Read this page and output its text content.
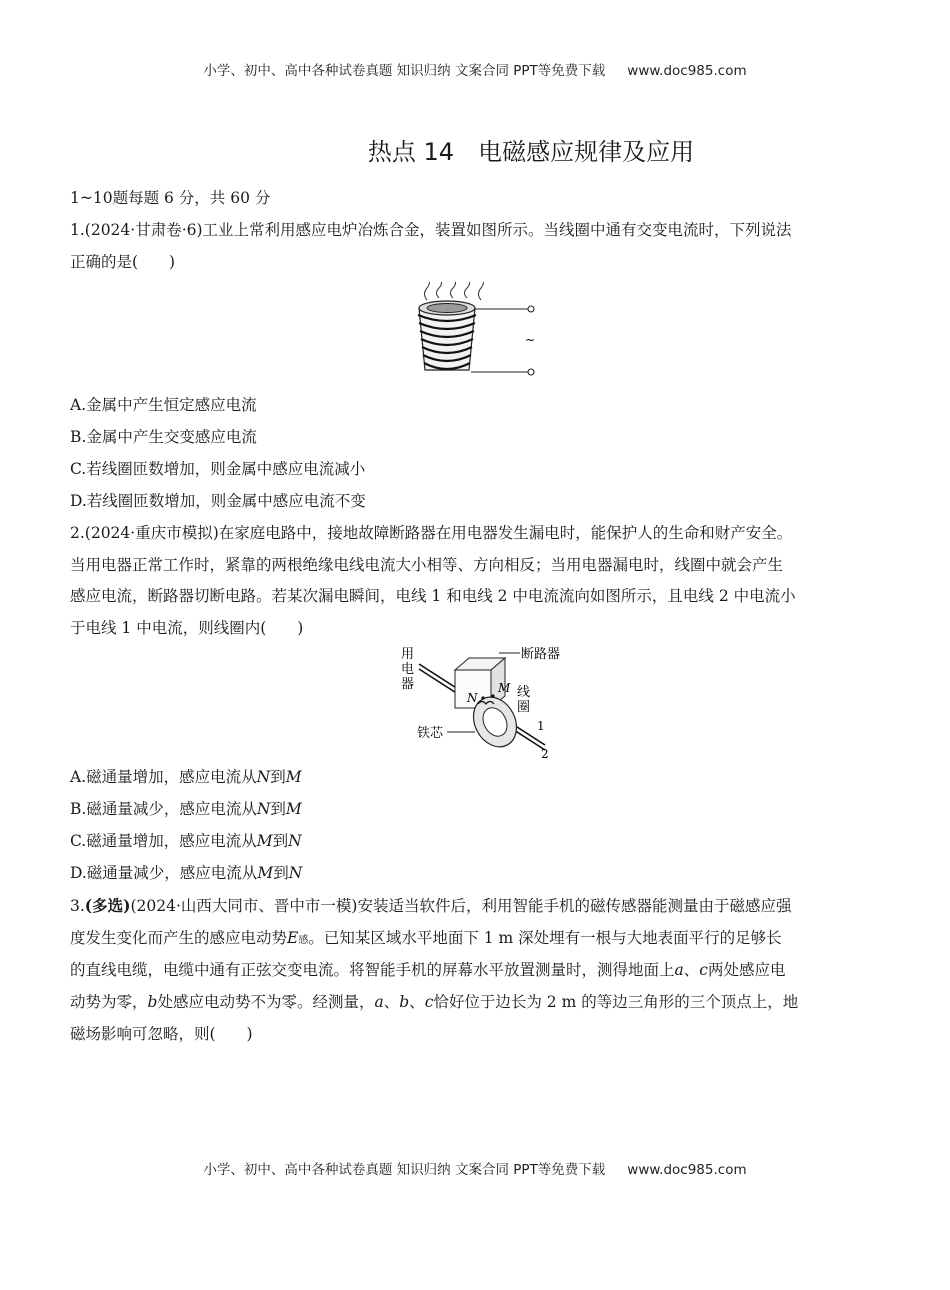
小学、初中、高中各种试卷真题 知识归纳 文案合同 PPT等免费下载 www.doc985.com
热点 14　电磁感应规律及应用
1~10题每题 6 分，共 60 分
1.(2024·甘肃卷·6)工业上常利用感应电炉冶炼合金，装置如图所示。当线圈中通有交变电流时，下列说法
正确的是(　　)
~
A.金属中产生恒定感应电流
B.金属中产生交变感应电流
C.若线圈匝数增加，则金属中感应电流减小
D.若线圈匝数增加，则金属中感应电流不变
2.(2024·重庆市模拟)在家庭电路中，接地故障断路器在用电器发生漏电时，能保护人的生命和财产安全。
当用电器正常工作时，紧靠的两根绝缘电线电流大小相等、方向相反；当用电器漏电时，线圈中就会产生
感应电流，断路器切断电路。若某次漏电瞬间，电线 1 和电线 2 中电流流向如图所示，且电线 2 中电流小
于电线 1 中电流，则线圈内(　　)
用
电
器
断路器
N
M 线
圈
铁芯	1
2
A.磁通量增加，感应电流从N到M
B.磁通量减少，感应电流从N到M
C.磁通量增加，感应电流从M到N
D.磁通量减少，感应电流从M到N
3.(多选)(2024·山西大同市、晋中市一模)安装适当软件后，利用智能手机的磁传感器能测量由于磁感应强
度发生变化而产生的感应电动势E感。已知某区域水平地面下 1 m 深处埋有一根与大地表面平行的足够长
的直线电缆，电缆中通有正弦交变电流。将智能手机的屏幕水平放置测量时，测得地面上a、c两处感应电
动势为零，b处感应电动势不为零。经测量，a、b、c恰好位于边长为 2 m 的等边三角形的三个顶点上，地
磁场影响可忽略，则(　　)
小学、初中、高中各种试卷真题 知识归纳 文案合同 PPT等免费下载 www.doc985.com
